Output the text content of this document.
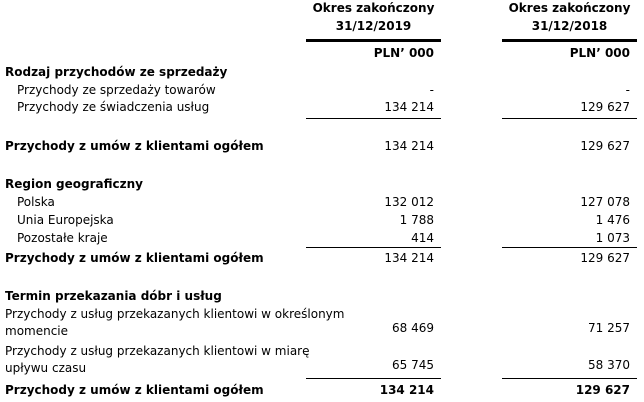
Okres zakończony
31/12/2019
Okres zakończony
31/12/2018
PLN’ 000	PLN’ 000
Rodzaj przychodów ze sprzedaży
Przychody ze sprzedaży towarów	-	-
Przychody ze świadczenia usług	134 214	129 627
Przychody z umów z klientami ogółem	134 214	129 627
Region geograficzny
Polska	132 012	127 078
Unia Europejska	1 788	1 476
Pozostałe kraje	414	1 073
Przychody z umów z klientami ogółem	134 214	129 627
Termin przekazania dóbr i usług
Przychody z usług przekazanych klientowi w określonym
momencie	68 469	71 257
Przychody z usług przekazanych klientowi w miarę
upływu czasu	65 745	58 370
Przychody z umów z klientami ogółem	134 214	129 627
